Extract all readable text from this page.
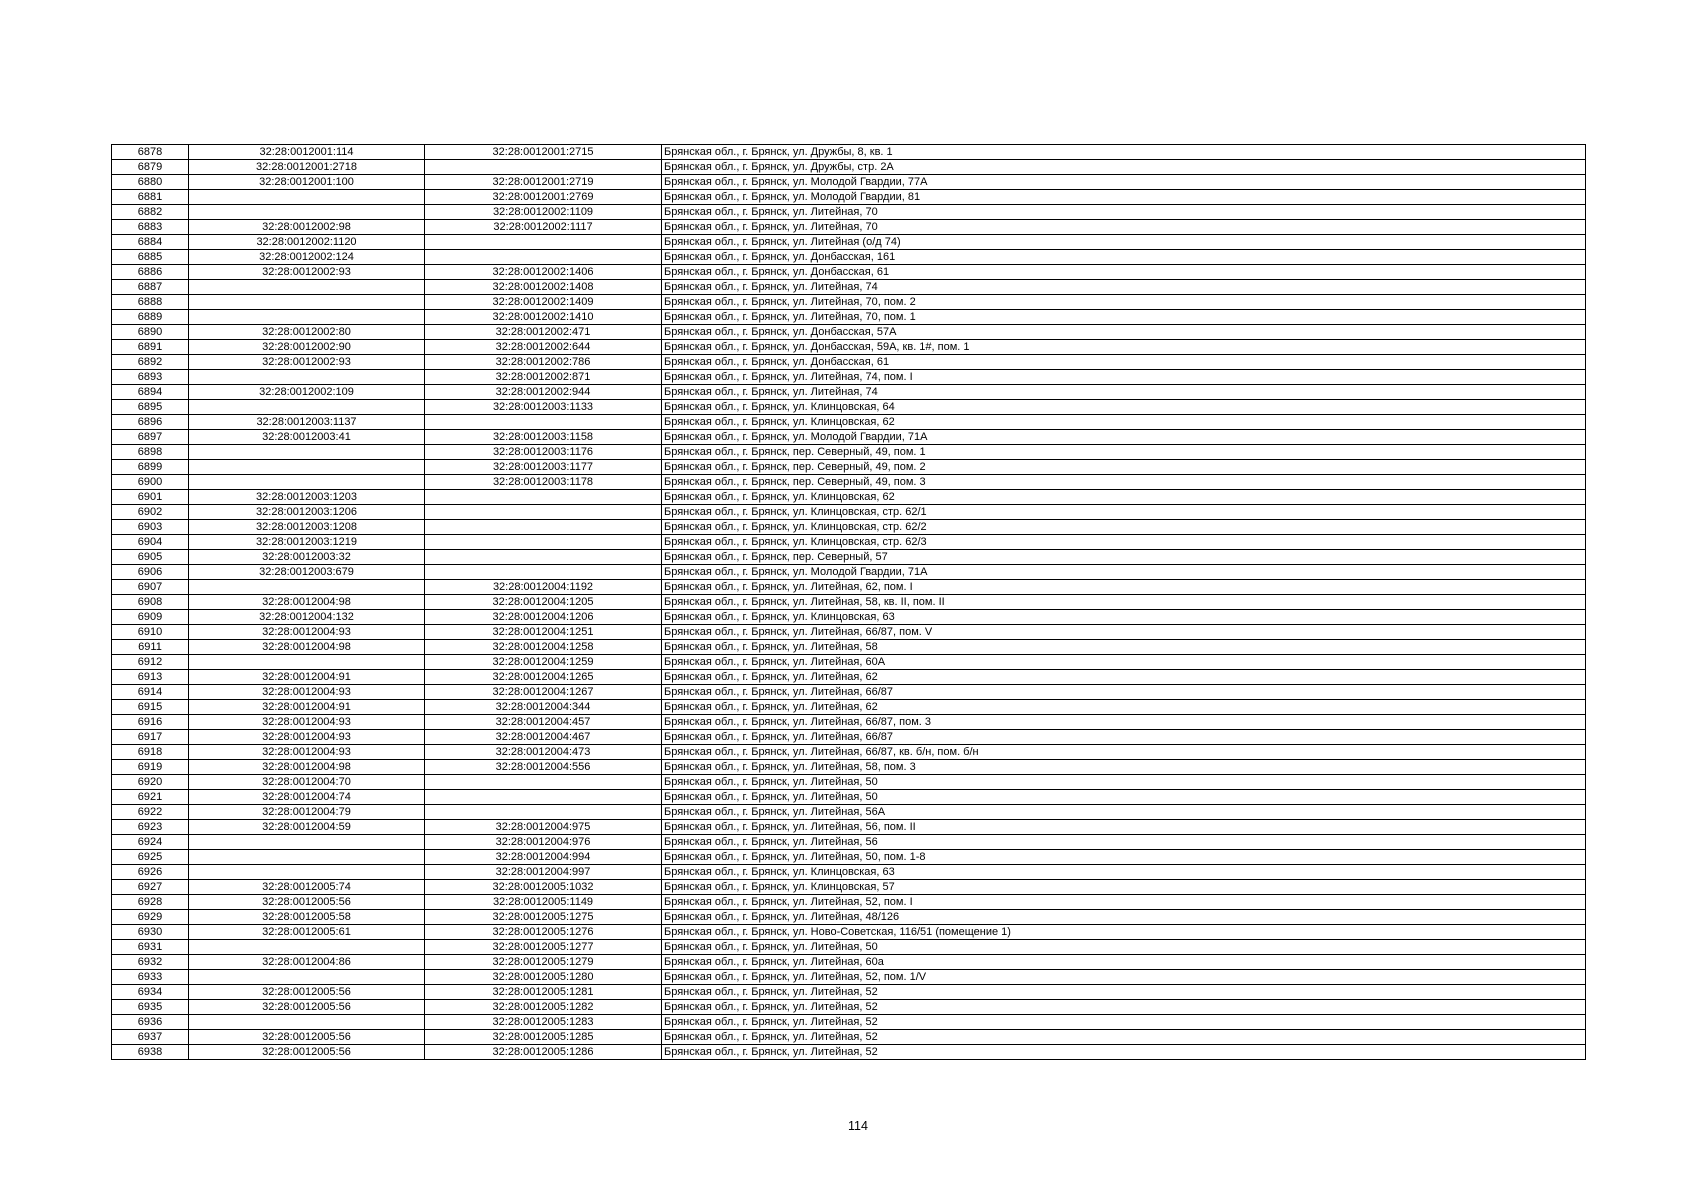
6878	32:28:0012001:114	32:28:0012001:2715	Брянская обл., г. Брянск, ул. Дружбы, 8, кв. 1
6879	32:28:0012001:2718		Брянская обл., г. Брянск, ул. Дружбы, стр. 2А
6880	32:28:0012001:100	32:28:0012001:2719	Брянская обл., г. Брянск, ул. Молодой Гвардии, 77А
6881		32:28:0012001:2769	Брянская обл., г. Брянск, ул. Молодой Гвардии, 81
6882		32:28:0012002:1109	Брянская обл., г. Брянск, ул. Литейная, 70
6883	32:28:0012002:98	32:28:0012002:1117	Брянская обл., г. Брянск, ул. Литейная, 70
6884	32:28:0012002:1120		Брянская обл., г. Брянск, ул. Литейная (о/д 74)
6885	32:28:0012002:124		Брянская обл., г. Брянск, ул. Донбасская, 161
6886	32:28:0012002:93	32:28:0012002:1406	Брянская обл., г. Брянск, ул. Донбасская, 61
6887		32:28:0012002:1408	Брянская обл., г. Брянск, ул. Литейная, 74
6888		32:28:0012002:1409	Брянская обл., г. Брянск, ул. Литейная, 70, пом. 2
6889		32:28:0012002:1410	Брянская обл., г. Брянск, ул. Литейная, 70, пом. 1
6890	32:28:0012002:80	32:28:0012002:471	Брянская обл., г. Брянск, ул. Донбасская, 57А
6891	32:28:0012002:90	32:28:0012002:644	Брянская обл., г. Брянск, ул. Донбасская, 59А, кв. 1#, пом. 1
6892	32:28:0012002:93	32:28:0012002:786	Брянская обл., г. Брянск, ул. Донбасская, 61
6893		32:28:0012002:871	Брянская обл., г. Брянск, ул. Литейная, 74, пом. I
6894	32:28:0012002:109	32:28:0012002:944	Брянская обл., г. Брянск, ул. Литейная, 74
6895		32:28:0012003:1133	Брянская обл., г. Брянск, ул. Клинцовская, 64
6896	32:28:0012003:1137		Брянская обл., г. Брянск, ул. Клинцовская, 62
6897	32:28:0012003:41	32:28:0012003:1158	Брянская обл., г. Брянск, ул. Молодой Гвардии, 71А
6898		32:28:0012003:1176	Брянская обл., г. Брянск, пер. Северный, 49, пом. 1
6899		32:28:0012003:1177	Брянская обл., г. Брянск, пер. Северный, 49, пом. 2
6900		32:28:0012003:1178	Брянская обл., г. Брянск, пер. Северный, 49, пом. 3
6901	32:28:0012003:1203		Брянская обл., г. Брянск, ул. Клинцовская, 62
6902	32:28:0012003:1206		Брянская обл., г. Брянск, ул. Клинцовская, стр. 62/1
6903	32:28:0012003:1208		Брянская обл., г. Брянск, ул. Клинцовская, стр. 62/2
6904	32:28:0012003:1219		Брянская обл., г. Брянск, ул. Клинцовская, стр. 62/3
6905	32:28:0012003:32		Брянская обл., г. Брянск, пер. Северный, 57
6906	32:28:0012003:679		Брянская обл., г. Брянск, ул. Молодой Гвардии, 71А
6907		32:28:0012004:1192	Брянская обл., г. Брянск, ул. Литейная, 62, пом. I
6908	32:28:0012004:98	32:28:0012004:1205	Брянская обл., г. Брянск, ул. Литейная, 58, кв. II, пом. II
6909	32:28:0012004:132	32:28:0012004:1206	Брянская обл., г. Брянск, ул. Клинцовская, 63
6910	32:28:0012004:93	32:28:0012004:1251	Брянская обл., г. Брянск, ул. Литейная, 66/87, пом. V
6911	32:28:0012004:98	32:28:0012004:1258	Брянская обл., г. Брянск, ул. Литейная, 58
6912		32:28:0012004:1259	Брянская обл., г. Брянск, ул. Литейная, 60А
6913	32:28:0012004:91	32:28:0012004:1265	Брянская обл., г. Брянск, ул. Литейная, 62
6914	32:28:0012004:93	32:28:0012004:1267	Брянская обл., г. Брянск, ул. Литейная, 66/87
6915	32:28:0012004:91	32:28:0012004:344	Брянская обл., г. Брянск, ул. Литейная, 62
6916	32:28:0012004:93	32:28:0012004:457	Брянская обл., г. Брянск, ул. Литейная, 66/87, пом. 3
6917	32:28:0012004:93	32:28:0012004:467	Брянская обл., г. Брянск, ул. Литейная, 66/87
6918	32:28:0012004:93	32:28:0012004:473	Брянская обл., г. Брянск, ул. Литейная, 66/87, кв. б/н, пом. б/н
6919	32:28:0012004:98	32:28:0012004:556	Брянская обл., г. Брянск, ул. Литейная, 58, пом. 3
6920	32:28:0012004:70		Брянская обл., г. Брянск, ул. Литейная, 50
6921	32:28:0012004:74		Брянская обл., г. Брянск, ул. Литейная, 50
6922	32:28:0012004:79		Брянская обл., г. Брянск, ул. Литейная, 56А
6923	32:28:0012004:59	32:28:0012004:975	Брянская обл., г. Брянск, ул. Литейная, 56, пом. II
6924		32:28:0012004:976	Брянская обл., г. Брянск, ул. Литейная, 56
6925		32:28:0012004:994	Брянская обл., г. Брянск, ул. Литейная, 50, пом. 1-8
6926		32:28:0012004:997	Брянская обл., г. Брянск, ул. Клинцовская, 63
6927	32:28:0012005:74	32:28:0012005:1032	Брянская обл., г. Брянск, ул. Клинцовская, 57
6928	32:28:0012005:56	32:28:0012005:1149	Брянская обл., г. Брянск, ул. Литейная, 52, пом. I
6929	32:28:0012005:58	32:28:0012005:1275	Брянская обл., г. Брянск, ул. Литейная, 48/126
6930	32:28:0012005:61	32:28:0012005:1276	Брянская обл., г. Брянск, ул. Ново-Советская, 116/51 (помещение 1)
6931		32:28:0012005:1277	Брянская обл., г. Брянск, ул. Литейная, 50
6932	32:28:0012004:86	32:28:0012005:1279	Брянская обл., г. Брянск, ул. Литейная, 60а
6933		32:28:0012005:1280	Брянская обл., г. Брянск, ул. Литейная, 52, пом. 1/V
6934	32:28:0012005:56	32:28:0012005:1281	Брянская обл., г. Брянск, ул. Литейная, 52
6935	32:28:0012005:56	32:28:0012005:1282	Брянская обл., г. Брянск, ул. Литейная, 52
6936		32:28:0012005:1283	Брянская обл., г. Брянск, ул. Литейная, 52
6937	32:28:0012005:56	32:28:0012005:1285	Брянская обл., г. Брянск, ул. Литейная, 52
6938	32:28:0012005:56	32:28:0012005:1286	Брянская обл., г. Брянск, ул. Литейная, 52
114
